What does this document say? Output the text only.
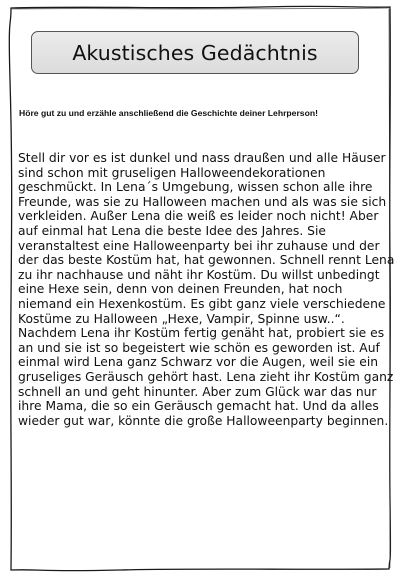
Akustisches Gedächtnis
Höre gut zu und erzähle anschließend die Geschichte deiner Lehrperson!

Stell dir vor es ist dunkel und nass draußen und alle Häuser
sind schon mit gruseligen Halloweendekorationen
geschmückt. In Lena´s Umgebung, wissen schon alle ihre
Freunde, was sie zu Halloween machen und als was sie sich
verkleiden. Außer Lena die weiß es leider noch nicht! Aber
auf einmal hat Lena die beste Idee des Jahres. Sie
veranstaltest eine Halloweenparty bei ihr zuhause und der
der das beste Kostüm hat, hat gewonnen. Schnell rennt Lena
zu ihr nachhause und näht ihr Kostüm. Du willst unbedingt
eine Hexe sein, denn von deinen Freunden, hat noch
niemand ein Hexenkostüm. Es gibt ganz viele verschiedene
Kostüme zu Halloween „Hexe, Vampir, Spinne usw..“.
Nachdem Lena ihr Kostüm fertig genäht hat, probiert sie es
an und sie ist so begeistert wie schön es geworden ist. Auf
einmal wird Lena ganz Schwarz vor die Augen, weil sie ein
gruseliges Geräusch gehört hast. Lena zieht ihr Kostüm ganz
schnell an und geht hinunter. Aber zum Glück war das nur
ihre Mama, die so ein Geräusch gemacht hat. Und da alles
wieder gut war, könnte die große Halloweenparty beginnen.
